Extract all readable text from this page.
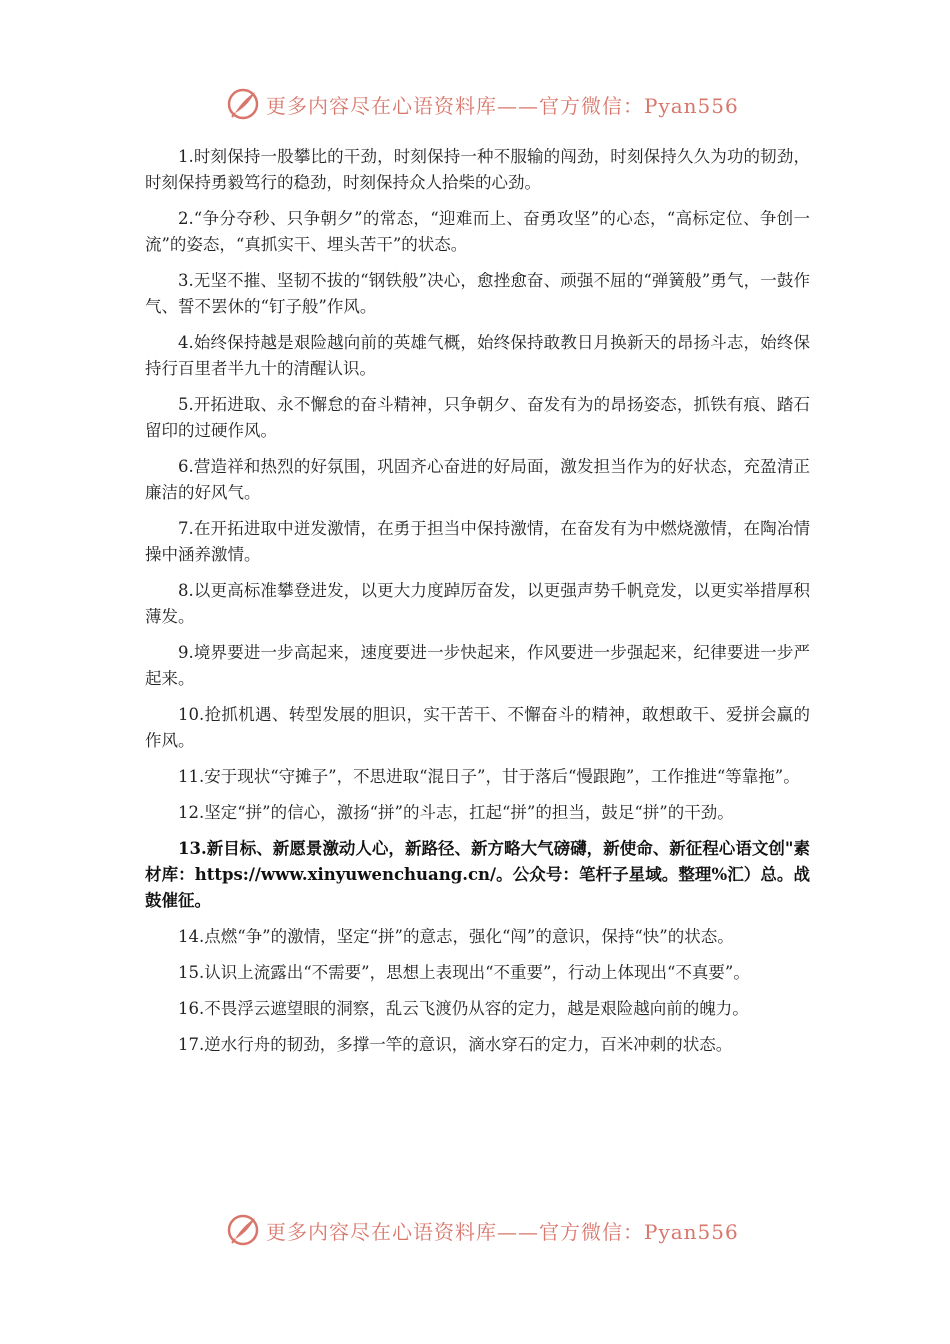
更多内容尽在心语资料库——官方微信：Pyan556

1.时刻保持一股攀比的干劲，时刻保持一种不服输的闯劲，时刻保持久久为功的韧劲，时刻保持勇毅笃行的稳劲，时刻保持众人拾柴的心劲。

2.“争分夺秒、只争朝夕”的常态，“迎难而上、奋勇攻坚”的心态，“高标定位、争创一流”的姿态，“真抓实干、埋头苦干”的状态。

3.无坚不摧、坚韧不拔的“钢铁般”决心，愈挫愈奋、顽强不屈的“弹簧般”勇气，一鼓作气、誓不罢休的“钉子般”作风。

4.始终保持越是艰险越向前的英雄气概，始终保持敢教日月换新天的昂扬斗志，始终保持行百里者半九十的清醒认识。

5.开拓进取、永不懈怠的奋斗精神，只争朝夕、奋发有为的昂扬姿态，抓铁有痕、踏石留印的过硬作风。

6.营造祥和热烈的好氛围，巩固齐心奋进的好局面，激发担当作为的好状态，充盈清正廉洁的好风气。

7.在开拓进取中迸发激情，在勇于担当中保持激情，在奋发有为中燃烧激情，在陶冶情操中涵养激情。

8.以更高标准攀登进发，以更大力度踔厉奋发，以更强声势千帆竞发，以更实举措厚积薄发。

9.境界要进一步高起来，速度要进一步快起来，作风要进一步强起来，纪律要进一步严起来。

10.抢抓机遇、转型发展的胆识，实干苦干、不懈奋斗的精神，敢想敢干、爱拼会赢的作风。

11.安于现状“守摊子”，不思进取“混日子”，甘于落后“慢跟跑”，工作推进“等靠拖”。

12.坚定“拼”的信心，激扬“拼”的斗志，扛起“拼”的担当，鼓足“拼”的干劲。

13.新目标、新愿景激动人心，新路径、新方略大气磅礴，新使命、新征程心语文创"素材库：https://www.xinyuwenchuang.cn/。公众号：笔杆子星域。整理%汇）总。战鼓催征。

14.点燃“争”的激情，坚定“拼”的意志，强化“闯”的意识，保持“快”的状态。

15.认识上流露出“不需要”，思想上表现出“不重要”，行动上体现出“不真要”。

16.不畏浮云遮望眼的洞察，乱云飞渡仍从容的定力，越是艰险越向前的魄力。

17.逆水行舟的韧劲，多撑一竿的意识，滴水穿石的定力，百米冲刺的状态。

更多内容尽在心语资料库——官方微信：Pyan556
